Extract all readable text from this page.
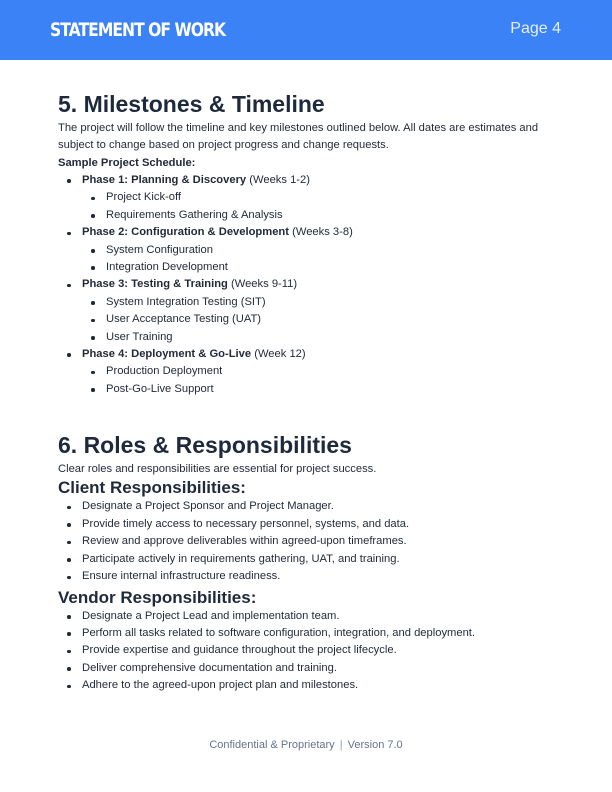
STATEMENT OF WORK	Page 4
5. Milestones & Timeline

The project will follow the timeline and key milestones outlined below. All dates are estimates and subject to change based on project progress and change requests.

Sample Project Schedule:
Phase 1: Planning & Discovery (Weeks 1-2)
Project Kick-off
Requirements Gathering & Analysis
Phase 2: Configuration & Development (Weeks 3-8)
System Configuration
Integration Development
Phase 3: Testing & Training (Weeks 9-11)
System Integration Testing (SIT)
User Acceptance Testing (UAT)
User Training
Phase 4: Deployment & Go-Live (Week 12)
Production Deployment
Post-Go-Live Support
6. Roles & Responsibilities

Clear roles and responsibilities are essential for project success.

Client Responsibilities:
Designate a Project Sponsor and Project Manager.
Provide timely access to necessary personnel, systems, and data.
Review and approve deliverables within agreed-upon timeframes.
Participate actively in requirements gathering, UAT, and training.
Ensure internal infrastructure readiness.
Vendor Responsibilities:
Designate a Project Lead and implementation team.
Perform all tasks related to software configuration, integration, and deployment.
Provide expertise and guidance throughout the project lifecycle.
Deliver comprehensive documentation and training.
Adhere to the agreed-upon project plan and milestones.
Confidential & Proprietary | Version 7.0
